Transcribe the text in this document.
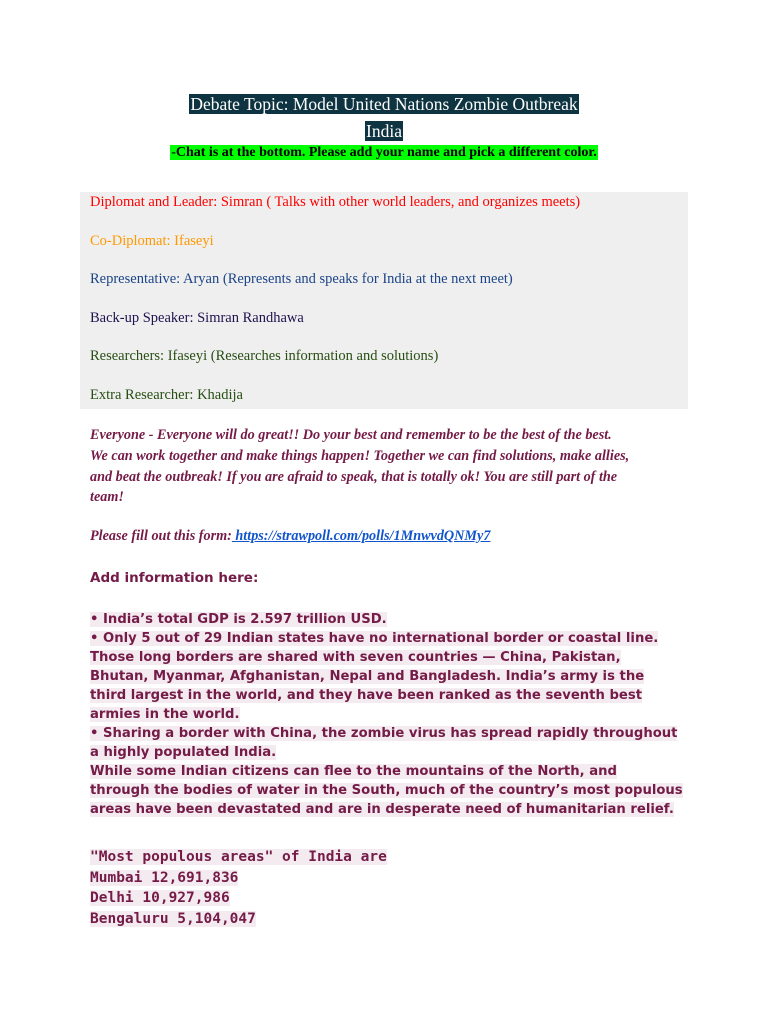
Debate Topic: Model United Nations Zombie Outbreak
India
-Chat is at the bottom. Please add your name and pick a different color.
Diplomat and Leader: Simran ( Talks with other world leaders, and organizes meets)
Co-Diplomat: Ifaseyi
Representative: Aryan (Represents and speaks for India at the next meet)
Back-up Speaker: Simran Randhawa
Researchers: Ifaseyi (Researches information and solutions)
Extra Researcher: Khadija
Everyone - Everyone will do great!! Do your best and remember to be the best of the best.
We can work together and make things happen! Together we can find solutions, make allies,
and beat the outbreak! If you are afraid to speak, that is totally ok! You are still part of the
team!
Please fill out this form: https://strawpoll.com/polls/1MnwvdQNMy7
Add information here:
• India’s total GDP is 2.597 trillion USD.
• Only 5 out of 29 Indian states have no international border or coastal line.
Those long borders are shared with seven countries — China, Pakistan,
Bhutan, Myanmar, Afghanistan, Nepal and Bangladesh. India’s army is the
third largest in the world, and they have been ranked as the seventh best
armies in the world.
• Sharing a border with China, the zombie virus has spread rapidly throughout
a highly populated India.
While some Indian citizens can flee to the mountains of the North, and
through the bodies of water in the South, much of the country’s most populous
areas have been devastated and are in desperate need of humanitarian relief.
"Most populous areas" of India are
Mumbai 12,691,836
Delhi 10,927,986
Bengaluru 5,104,047
